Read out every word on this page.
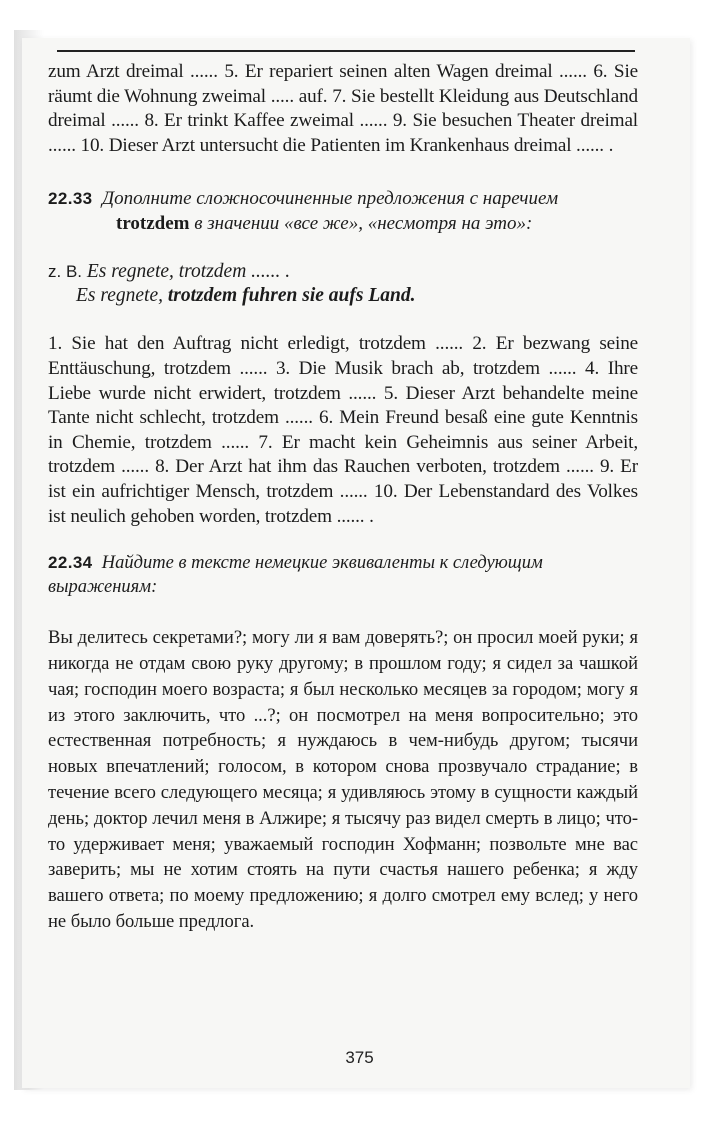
zum Arzt dreimal ...... 5. Er repariert seinen alten Wagen dreimal ...... 6. Sie räumt die Wohnung zweimal ..... auf. 7. Sie bestellt Kleidung aus Deutschland dreimal ...... 8. Er trinkt Kaffee zweimal ...... 9. Sie besuchen Theater dreimal ...... 10. Dieser Arzt untersucht die Patienten im Krankenhaus dreimal ...... .

22.33 Дополните сложносочиненные предложения с наречием
trotzdem в значении «все же», «несмотря на это»:
z. B. Es regnete, trotzdem ...... .
Es regnete, trotzdem fuhren sie aufs Land.

1. Sie hat den Auftrag nicht erledigt, trotzdem ...... 2. Er bezwang seine Enttäuschung, trotzdem ...... 3. Die Musik brach ab, trotzdem ...... 4. Ihre Liebe wurde nicht erwidert, trotzdem ...... 5. Dieser Arzt behandelte meine Tante nicht schlecht, trotzdem ...... 6. Mein Freund besaß eine gute Kenntnis in Chemie, trotzdem ...... 7. Er macht kein Geheimnis aus seiner Arbeit, trotzdem ...... 8. Der Arzt hat ihm das Rauchen verboten, trotzdem ...... 9. Er ist ein aufrichtiger Mensch, trotzdem ...... 10. Der Lebenstandard des Volkes ist neulich gehoben worden, trotzdem ...... .

22.34 Найдите в тексте немецкие эквиваленты к следующим выражениям:

Вы делитесь секретами?; могу ли я вам доверять?; он просил моей руки; я никогда не отдам свою руку другому; в прошлом году; я сидел за чашкой чая; господин моего возраста; я был несколько месяцев за городом; могу я из этого заключить, что ...?; он посмотрел на меня вопросительно; это естественная потребность; я нуждаюсь в чем-нибудь другом; тысячи новых впечатлений; голосом, в котором снова прозвучало страдание; в течение всего следующего месяца; я удивляюсь этому в сущности каждый день; доктор лечил меня в Алжире; я тысячу раз видел смерть в лицо; что-то удерживает меня; уважаемый господин Хофманн; позвольте мне вас заверить; мы не хотим стоять на пути счастья нашего ребенка; я жду вашего ответа; по моему предложению; я долго смотрел ему вслед; у него не было больше предлога.

375
